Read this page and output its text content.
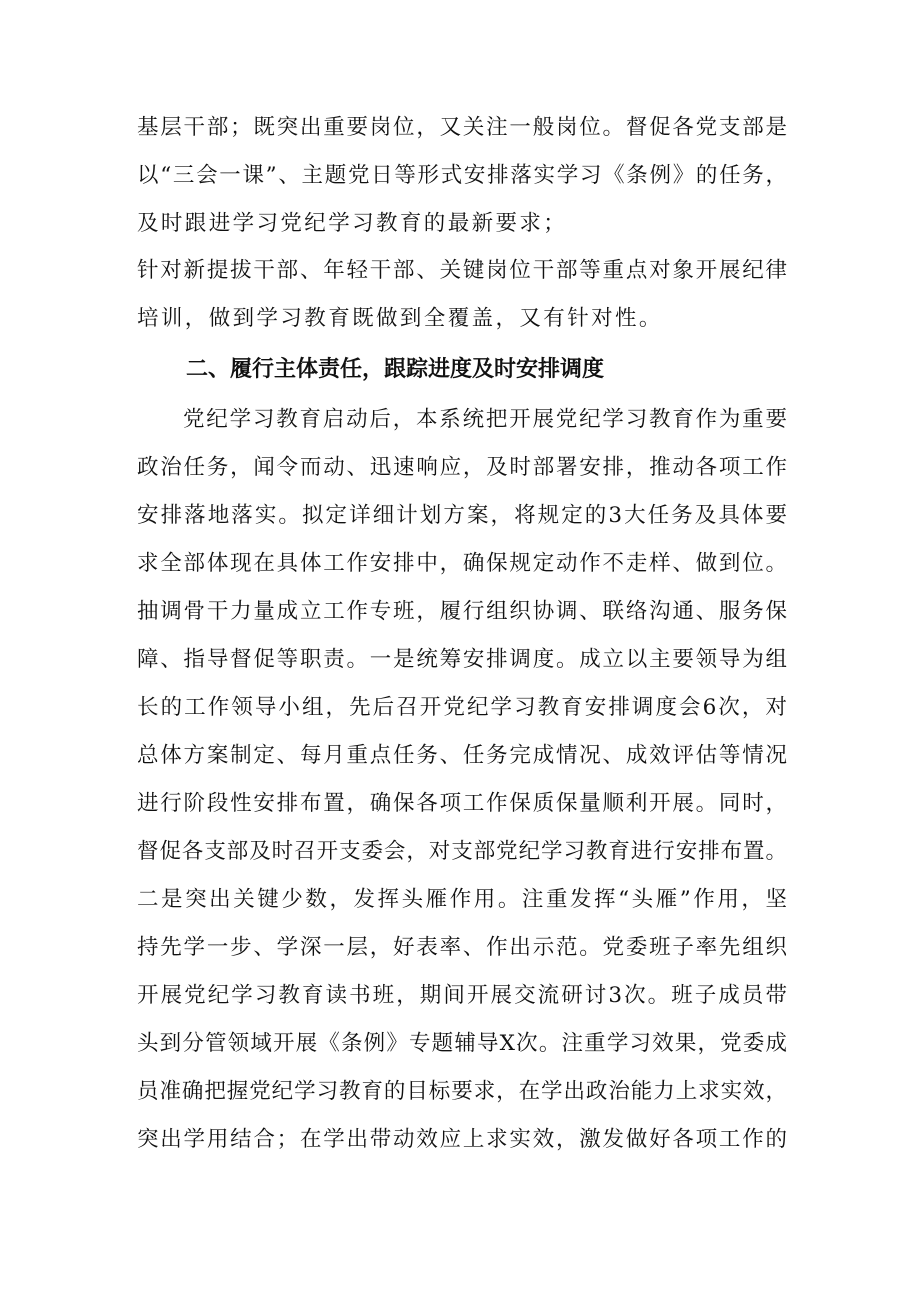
基层干部；既突出重要岗位，又关注一般岗位。督促各党支部是
以“三会一课”、主题党日等形式安排落实学习《条例》的任务，
及时跟进学习党纪学习教育的最新要求；
针对新提拔干部、年轻干部、关键岗位干部等重点对象开展纪律
培训，做到学习教育既做到全覆盖，又有针对性。
二、履行主体责任，跟踪进度及时安排调度
党纪学习教育启动后，本系统把开展党纪学习教育作为重要
政治任务，闻令而动、迅速响应，及时部署安排，推动各项工作
安排落地落实。拟定详细计划方案，将规定的3大任务及具体要
求全部体现在具体工作安排中，确保规定动作不走样、做到位。
抽调骨干力量成立工作专班，履行组织协调、联络沟通、服务保
障、指导督促等职责。一是统筹安排调度。成立以主要领导为组
长的工作领导小组，先后召开党纪学习教育安排调度会6次，对
总体方案制定、每月重点任务、任务完成情况、成效评估等情况
进行阶段性安排布置，确保各项工作保质保量顺利开展。同时，
督促各支部及时召开支委会，对支部党纪学习教育进行安排布置。
二是突出关键少数，发挥头雁作用。注重发挥“头雁”作用，坚
持先学一步、学深一层，好表率、作出示范。党委班子率先组织
开展党纪学习教育读书班，期间开展交流研讨3次。班子成员带
头到分管领域开展《条例》专题辅导X次。注重学习效果，党委成
员准确把握党纪学习教育的目标要求，在学出政治能力上求实效，
突出学用结合；在学出带动效应上求实效，激发做好各项工作的
